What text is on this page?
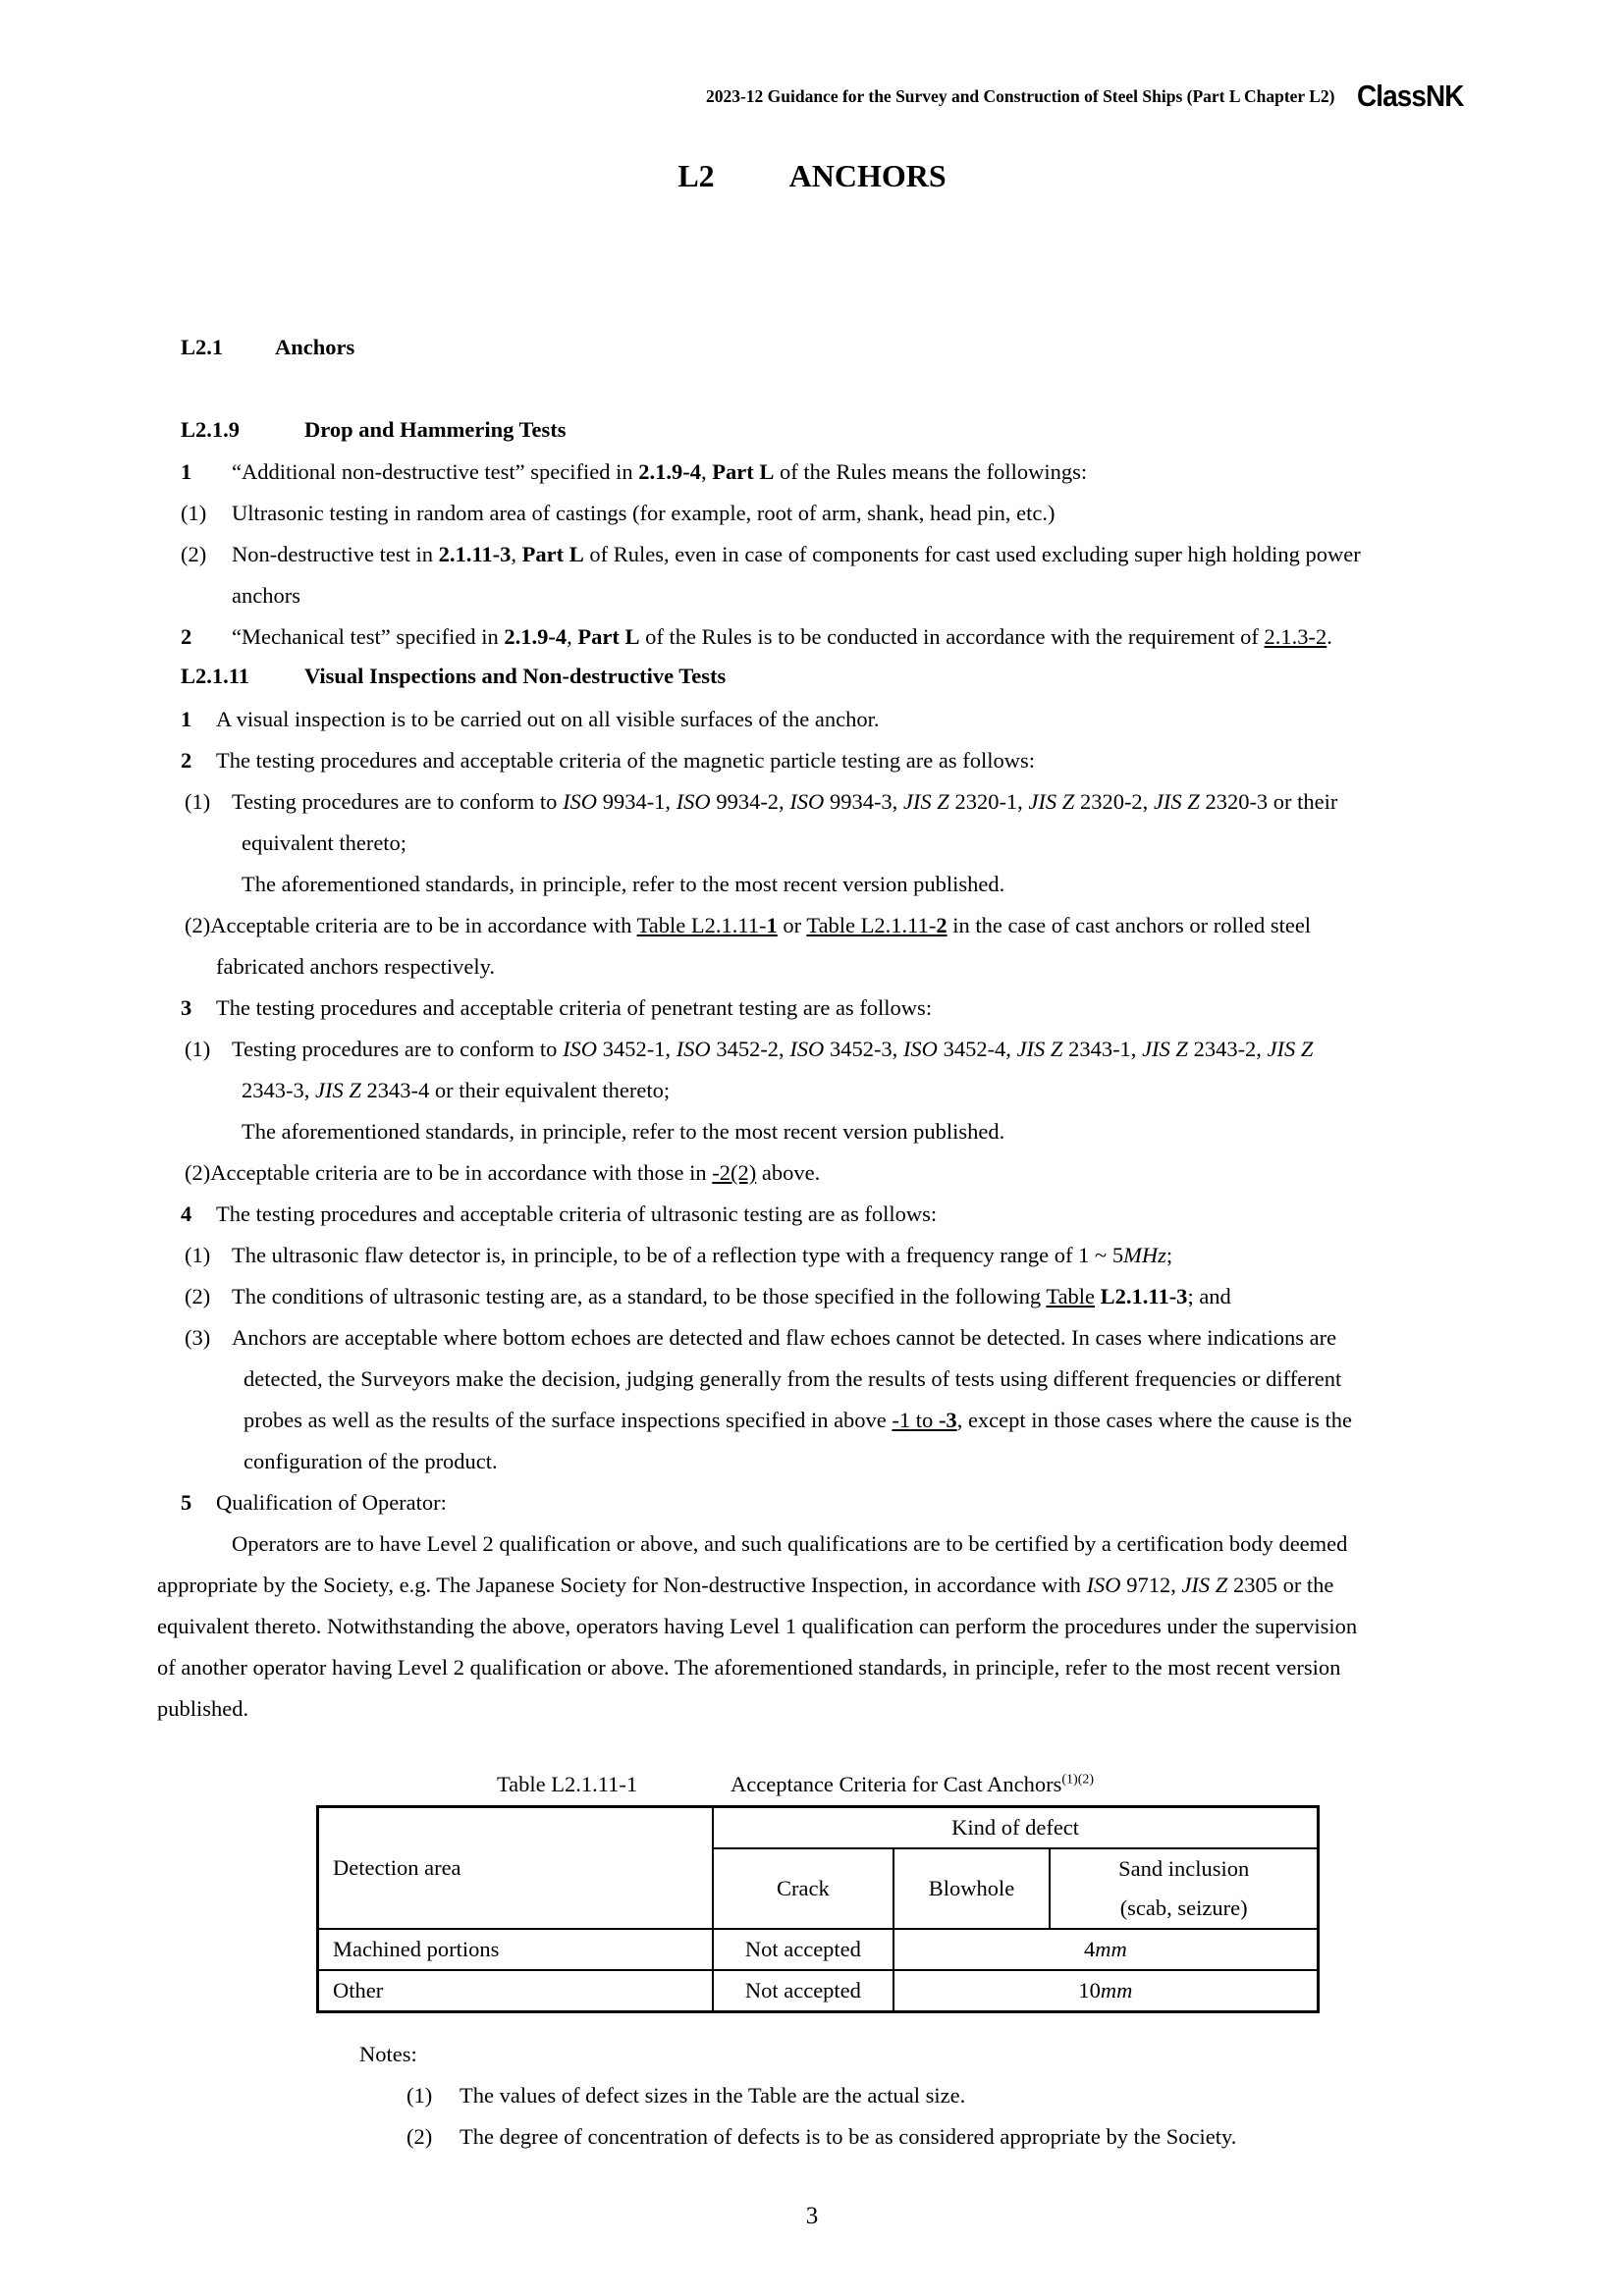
2023-12 Guidance for the Survey and Construction of Steel Ships (Part L Chapter L2) ClassNK
L2 ANCHORS
L2.1 Anchors
L2.1.9	Drop and Hammering Tests
1 “Additional non-destructive test” specified in 2.1.9-4, Part L of the Rules means the followings:
(1) Ultrasonic testing in random area of castings (for example, root of arm, shank, head pin, etc.)
(2) Non-destructive test in 2.1.11-3, Part L of Rules, even in case of components for cast used excluding super high holding power
anchors
2 “Mechanical test” specified in 2.1.9-4, Part L of the Rules is to be conducted in accordance with the requirement of 2.1.3-2.
L2.1.11 Visual Inspections and Non-destructive Tests
1 A visual inspection is to be carried out on all visible surfaces of the anchor.
2 The testing procedures and acceptable criteria of the magnetic particle testing are as follows:
(1) Testing procedures are to conform to ISO 9934-1, ISO 9934-2, ISO 9934-3, JIS Z 2320-1, JIS Z 2320-2, JIS Z 2320-3 or their
equivalent thereto;
The aforementioned standards, in principle, refer to the most recent version published.
(2)Acceptable criteria are to be in accordance with Table L2.1.11-1 or Table L2.1.11-2 in the case of cast anchors or rolled steel
fabricated anchors respectively.
3 The testing procedures and acceptable criteria of penetrant testing are as follows:
(1) Testing procedures are to conform to ISO 3452-1, ISO 3452-2, ISO 3452-3, ISO 3452-4, JIS Z 2343-1, JIS Z 2343-2, JIS Z
2343-3, JIS Z 2343-4 or their equivalent thereto;
The aforementioned standards, in principle, refer to the most recent version published.
(2)Acceptable criteria are to be in accordance with those in -2(2) above.
4 The testing procedures and acceptable criteria of ultrasonic testing are as follows:
(1) The ultrasonic flaw detector is, in principle, to be of a reflection type with a frequency range of 1 ~ 5MHz;
(2) The conditions of ultrasonic testing are, as a standard, to be those specified in the following Table L2.1.11-3; and
(3) Anchors are acceptable where bottom echoes are detected and flaw echoes cannot be detected. In cases where indications are
detected, the Surveyors make the decision, judging generally from the results of tests using different frequencies or different
probes as well as the results of the surface inspections specified in above -1 to -3, except in those cases where the cause is the
configuration of the product.
5 Qualification of Operator:
Operators are to have Level 2 qualification or above, and such qualifications are to be certified by a certification body deemed
appropriate by the Society, e.g. The Japanese Society for Non-destructive Inspection, in accordance with ISO 9712, JIS Z 2305 or the
equivalent thereto. Notwithstanding the above, operators having Level 1 qualification can perform the procedures under the supervision
of another operator having Level 2 qualification or above. The aforementioned standards, in principle, refer to the most recent version
published.
Table L2.1.11-1	Acceptance Criteria for Cast Anchors$^{(1)(2)}$
Detection area	Kind of defect		
	Crack	Blowhole	Sand inclusion
			(scab, seizure)
Machined portions	Not accepted	4mm	
Other	Not accepted	10mm	
Notes:
(1) The values of defect sizes in the Table are the actual size.
(2) The degree of concentration of defects is to be as considered appropriate by the Society.
3
